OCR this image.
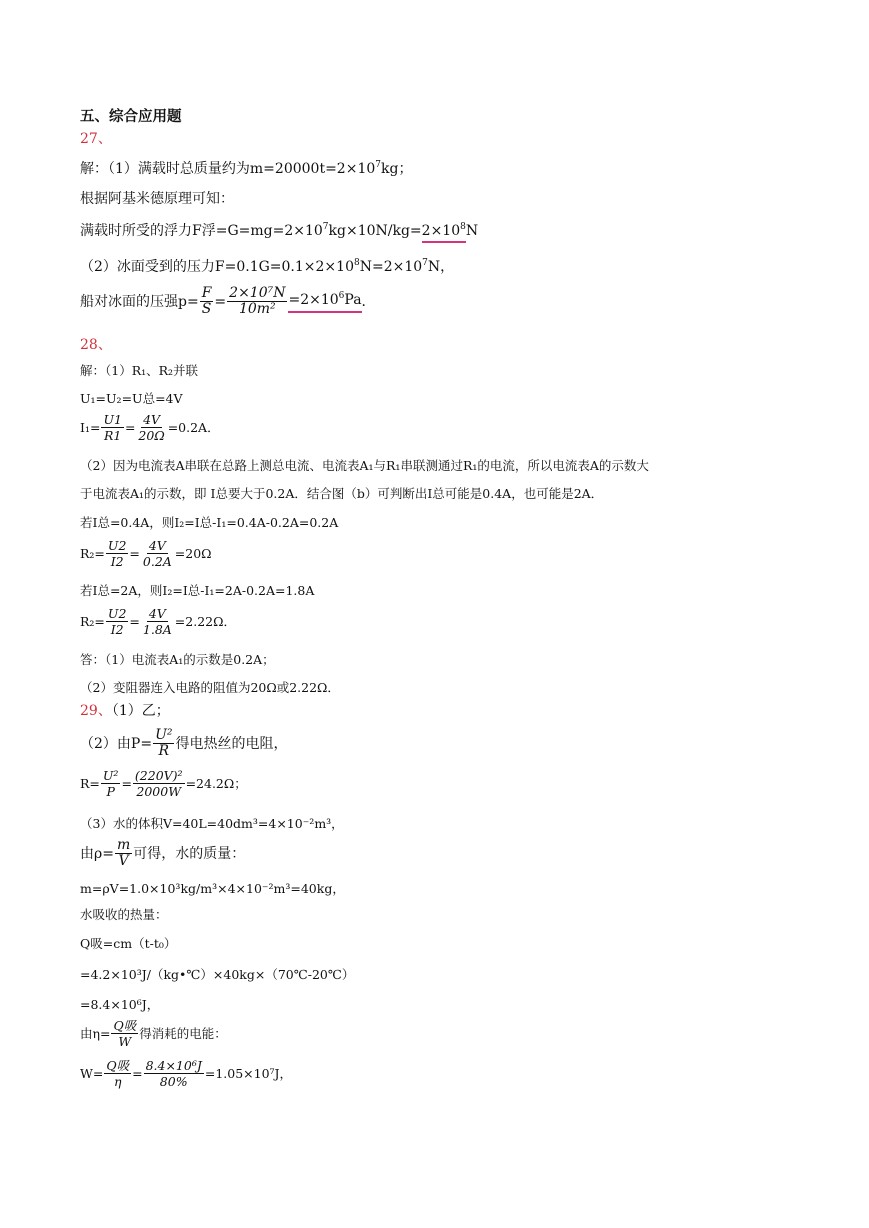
五、综合应用题
27、
解：（1）满载时总质量约为$m=20000t=2\times 10^7kg$；
根据阿基米德原理可知：
满载时所受的浮力F浮$=G=mg=2\times 10^7kg\times 10N/kg=2\times 10^8N$
（2）冰面受到的压力$F=0.1G=0.1\times 2\times 10^8N=2\times 10^7N$，
船对冰面的压强$p= \frac{F}{S} = \frac{\text{2×10⁷N}}{\text{10m²}} =2\times 10^6Pa$ ．
28、
解：（1）R₁、R₂并联
U₁=U₂=U总=4V
$I_1= \frac{U1}{R1} = \frac{4V}{20\Omega} =0.2A$．
（2）因为电流表A串联在总路上测总电流、电流表A₁与R₁串联测通过R₁的电流，所以电流表A的示数大
于电流表A₁的示数，即 I总要大于0.2A．结合图（b）可判断出I总可能是0.4A，也可能是2A．
若I总=0.4A，则I₂=I总-I₁=0.4A-0.2A=0.2A
$R_2= \frac{U2}{I2} = \frac{4V}{0.2A} =20\Omega$
若I总=2A，则I₂=I总-I₁=2A-0.2A=1.8A
$R_2= \frac{U2}{I2} = \frac{4V}{1.8A} =2.22\Omega$．
答：（1）电流表A₁的示数是0.2A；
（2）变阻器连入电路的阻值为20Ω或2.22Ω．
29、（1）乙；
（2）由$P= \frac{\text{U²}}{R}$ 得电热丝的电阻，
$R= \frac{\text{U²}}{P} = \frac{\text{(220V)²}}{2000W} =24.2\Omega$；
（3）水的体积V=40L=40dm³=4×10⁻²m³，
由$\rho= \frac{m}{V}$ 可得，水的质量：
m=ρV=1.0×10³kg/m³×4×10⁻²m³=40kg，
水吸收的热量：
Q吸=cm（t-t₀）
=4.2×10³J/（kg•℃）×40kg×（70℃-20℃）
=8.4×10⁶J，
由$\eta= \frac{\text{Q吸}}{W}$ 得消耗的电能：
$W= \frac{\text{Q吸}}{\eta} = \frac{\text{8.4×10⁶J}}{80\%} =1.05\times 10^7J$，
